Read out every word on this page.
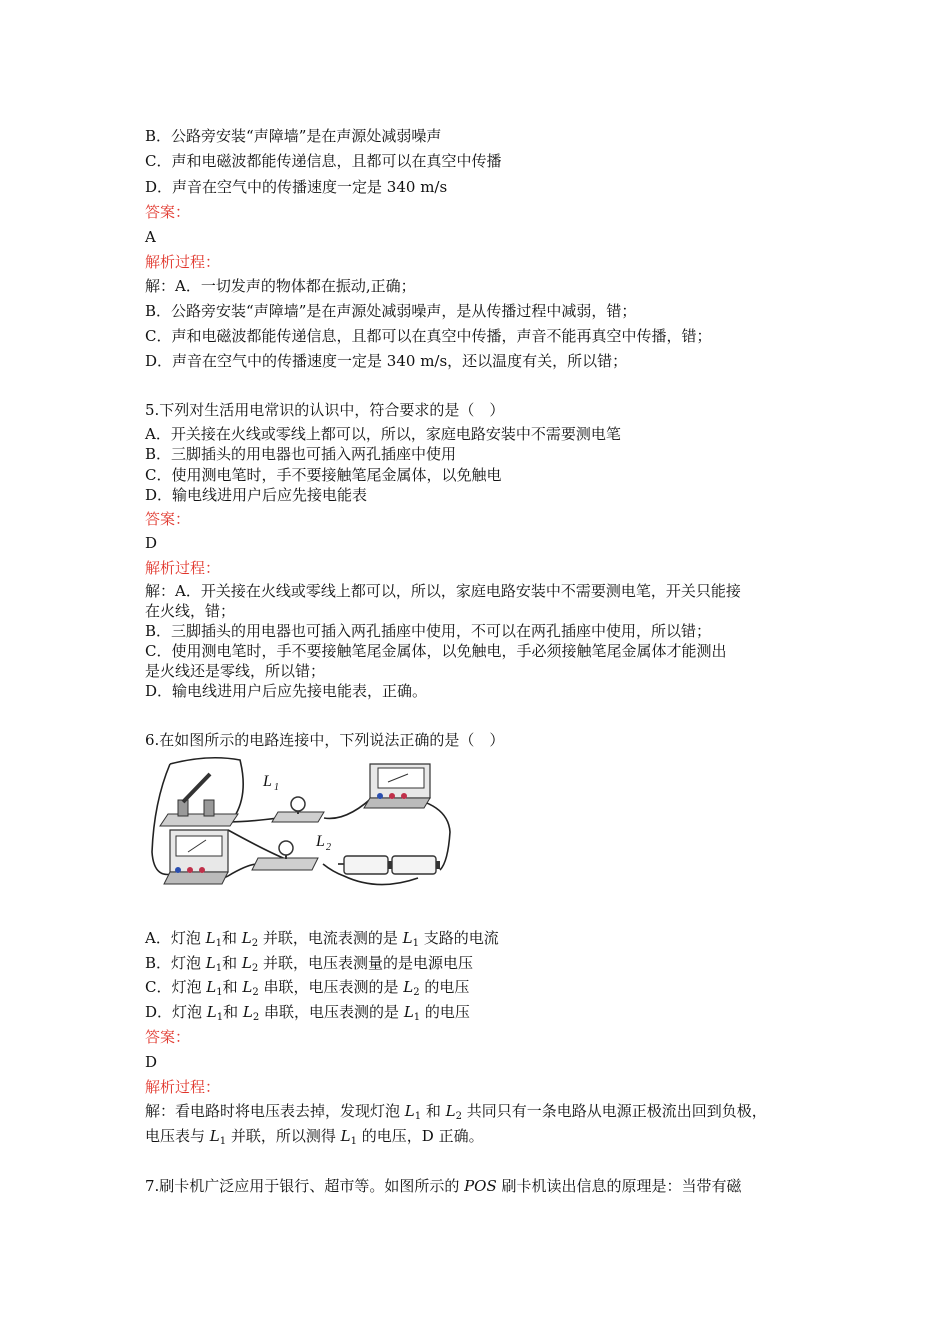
B．公路旁安装“声障墙”是在声源处减弱噪声
C．声和电磁波都能传递信息，且都可以在真空中传播
D．声音在空气中的传播速度一定是 340 m/s
答案：
A
解析过程：
解：A．一切发声的物体都在振动,正确；
B．公路旁安装“声障墙”是在声源处减弱噪声，是从传播过程中减弱，错；
C．声和电磁波都能传递信息，且都可以在真空中传播，声音不能再真空中传播，错；
D．声音在空气中的传播速度一定是 340 m/s，还以温度有关，所以错；
5.下列对生活用电常识的认识中，符合要求的是（　）
A．开关接在火线或零线上都可以，所以，家庭电路安装中不需要测电笔
B．三脚插头的用电器也可插入两孔插座中使用
C．使用测电笔时，手不要接触笔尾金属体，以免触电
D．输电线进用户后应先接电能表
答案：
D
解析过程：
解：A．开关接在火线或零线上都可以，所以，家庭电路安装中不需要测电笔，开关只能接
在火线，错；
B．三脚插头的用电器也可插入两孔插座中使用，不可以在两孔插座中使用，所以错；
C．使用测电笔时，手不要接触笔尾金属体，以免触电，手必须接触笔尾金属体才能测出
是火线还是零线，所以错；
D．输电线进用户后应先接电能表，正确。
6.在如图所示的电路连接中，下列说法正确的是（　）
L 1
L 2
A．灯泡 $L_1$和 $L_2$ 并联，电流表测的是 $L_1$ 支路的电流
B．灯泡 $L_1$和 $L_2$ 并联，电压表测量的是电源电压
C．灯泡 $L_1$和 $L_2$ 串联，电压表测的是 $L_2$ 的电压
D．灯泡 $L_1$和 $L_2$ 串联，电压表测的是 $L_1$ 的电压
答案：
D
解析过程：
解：看电路时将电压表去掉，发现灯泡 $L_1$ 和 $L_2$ 共同只有一条电路从电源正极流出回到负极，
电压表与 $L_1$ 并联，所以测得 $L_1$ 的电压，D 正确。
7.刷卡机广泛应用于银行、超市等。如图所示的 POS 刷卡机读出信息的原理是：当带有磁
